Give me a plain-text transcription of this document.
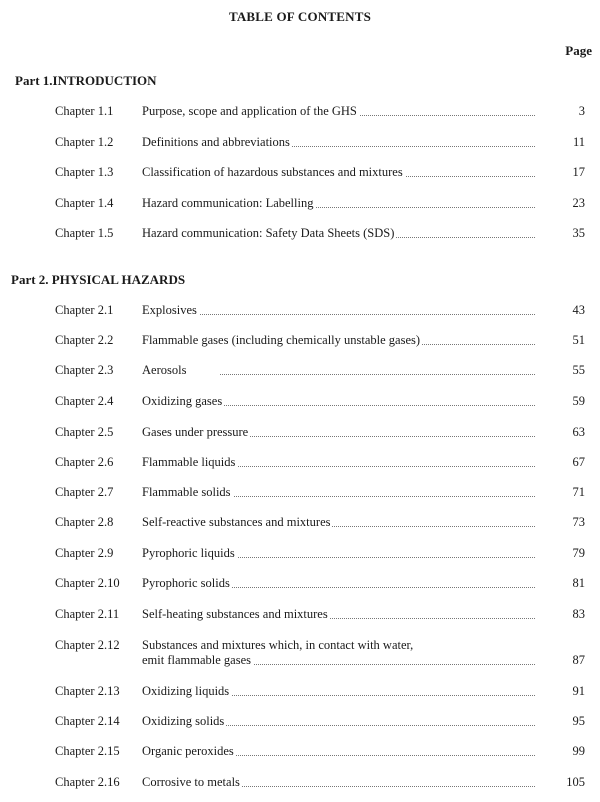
TABLE OF CONTENTS
Page
Part 1.INTRODUCTION
Chapter 1.1 Purpose, scope and application of the GHS	3
Chapter 1.2 Definitions and abbreviations	11
Chapter 1.3 Classification of hazardous substances and mixtures	17
Chapter 1.4 Hazard communication: Labelling	23
Chapter 1.5 Hazard communication: Safety Data Sheets (SDS)	35
Part 2. PHYSICAL HAZARDS
Chapter 2.1 Explosives	43
Chapter 2.2 Flammable gases (including chemically unstable gases)	51
Chapter 2.3 Aerosols	55
Chapter 2.4 Oxidizing gases	59
Chapter 2.5 Gases under pressure	63
Chapter 2.6 Flammable liquids	67
Chapter 2.7 Flammable solids	71
Chapter 2.8 Self-reactive substances and mixtures	73
Chapter 2.9 Pyrophoric liquids	79
Chapter 2.10 Pyrophoric solids	81
Chapter 2.11 Self-heating substances and mixtures	83
Chapter 2.12 Substances and mixtures which, in contact with water,
emit flammable gases	87
Chapter 2.13 Oxidizing liquids	91
Chapter 2.14 Oxidizing solids	95
Chapter 2.15 Organic peroxides	99
Chapter 2.16 Corrosive to metals	105
